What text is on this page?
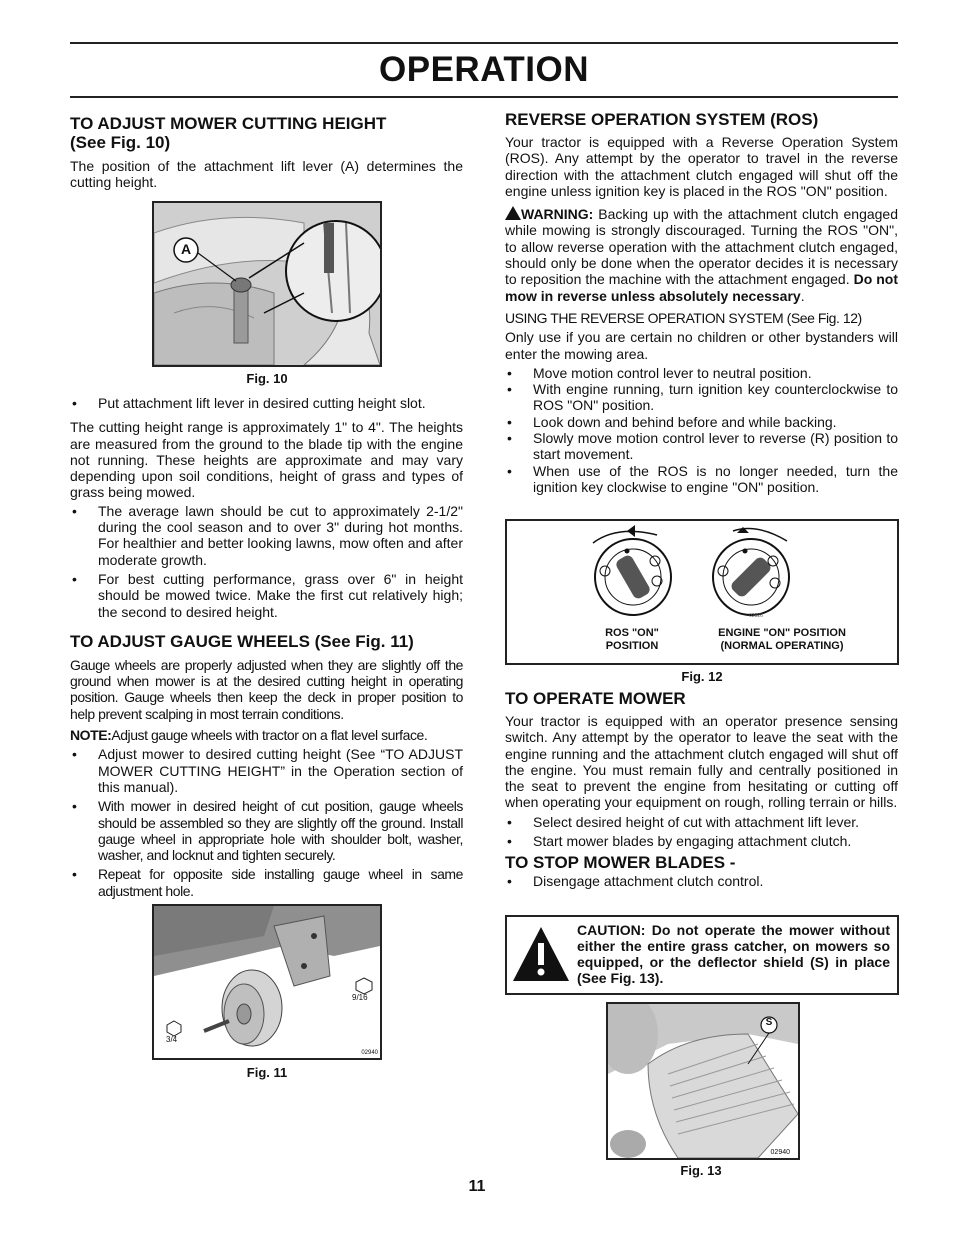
OPERATION
TO ADJUST MOWER CUTTING HEIGHT
(See Fig. 10)

The position of the attachment lift lever (A) determines the cutting height.

A
Fig. 10
• Put attachment lift lever in desired cutting height slot.

The cutting height range is approximately 1" to 4". The heights are measured from the ground to the blade tip with the engine not running. These heights are approximate and may vary depending upon soil conditions, height of grass and types of grass being mowed.

• The average lawn should be cut to approximately 2-1/2" during the cool season and to over 3" during hot months. For healthier and better looking lawns, mow often and after moderate growth.
• For best cutting performance, grass over 6" in height should be mowed twice. Make the first cut relatively high; the second to desired height.
TO ADJUST GAUGE WHEELS (See Fig. 11)

Gauge wheels are properly adjusted when they are slightly off the ground when mower is at the desired cutting height in operating position. Gauge wheels then keep the deck in proper position to help prevent scalping in most terrain conditions.

NOTE:Adjust gauge wheels with tractor on a flat level surface.

• Adjust mower to desired cutting height (See “TO ADJUST MOWER CUTTING HEIGHT” in the Operation section of this manual).
• With mower in desired height of cut position, gauge wheels should be assembled so they are slightly off the ground. Install gauge wheel in appropriate hole with shoulder bolt, washer, washer, and locknut and tighten securely.
• Repeat for opposite side installing gauge wheel in same adjustment hole.
9/16
3/4
02940
Fig. 11
REVERSE OPERATION SYSTEM (ROS)

Your tractor is equipped with a Reverse Operation System (ROS). Any attempt by the operator to travel in the reverse direction with the attachment clutch engaged will shut off the engine unless ignition key is placed in the ROS "ON" position.

WARNING: Backing up with the attachment clutch engaged while mowing is strongly discouraged. Turning the ROS "ON", to allow reverse operation with the attachment clutch engaged, should only be done when the operator decides it is necessary to reposition the machine with the attachment engaged. Do not mow in reverse unless absolutely necessary.

USING THE REVERSE OPERATION SYSTEM (See Fig. 12)

Only use if you are certain no children or other bystanders will enter the mowing area.

• Move motion control lever to neutral position.
• With engine running, turn ignition key counterclockwise to ROS "ON" position.
• Look down and behind before and while backing.
• Slowly move motion control lever to reverse (R) position to start movement.
• When use of the ROS is no longer needed, turn the ignition key clockwise to engine "ON" position.
02926
ROS "ON"
POSITION
ENGINE "ON" POSITION
(NORMAL OPERATING)
Fig. 12
TO OPERATE MOWER

Your tractor is equipped with an operator presence sensing switch. Any attempt by the operator to leave the seat with the engine running and the attachment clutch engaged will shut off the engine. You must remain fully and centrally positioned in the seat to prevent the engine from hesitating or cutting off when operating your equipment on rough, rolling terrain or hills.

• Select desired height of cut with attachment lift lever.
• Start mower blades by engaging attachment clutch.
TO STOP MOWER BLADES -
• Disengage attachment clutch control.
CAUTION: Do not operate the mower without either the entire grass catcher, on mowers so equipped, or the deflector shield (S) in place (See Fig. 13).
S
02940
Fig. 13
11
